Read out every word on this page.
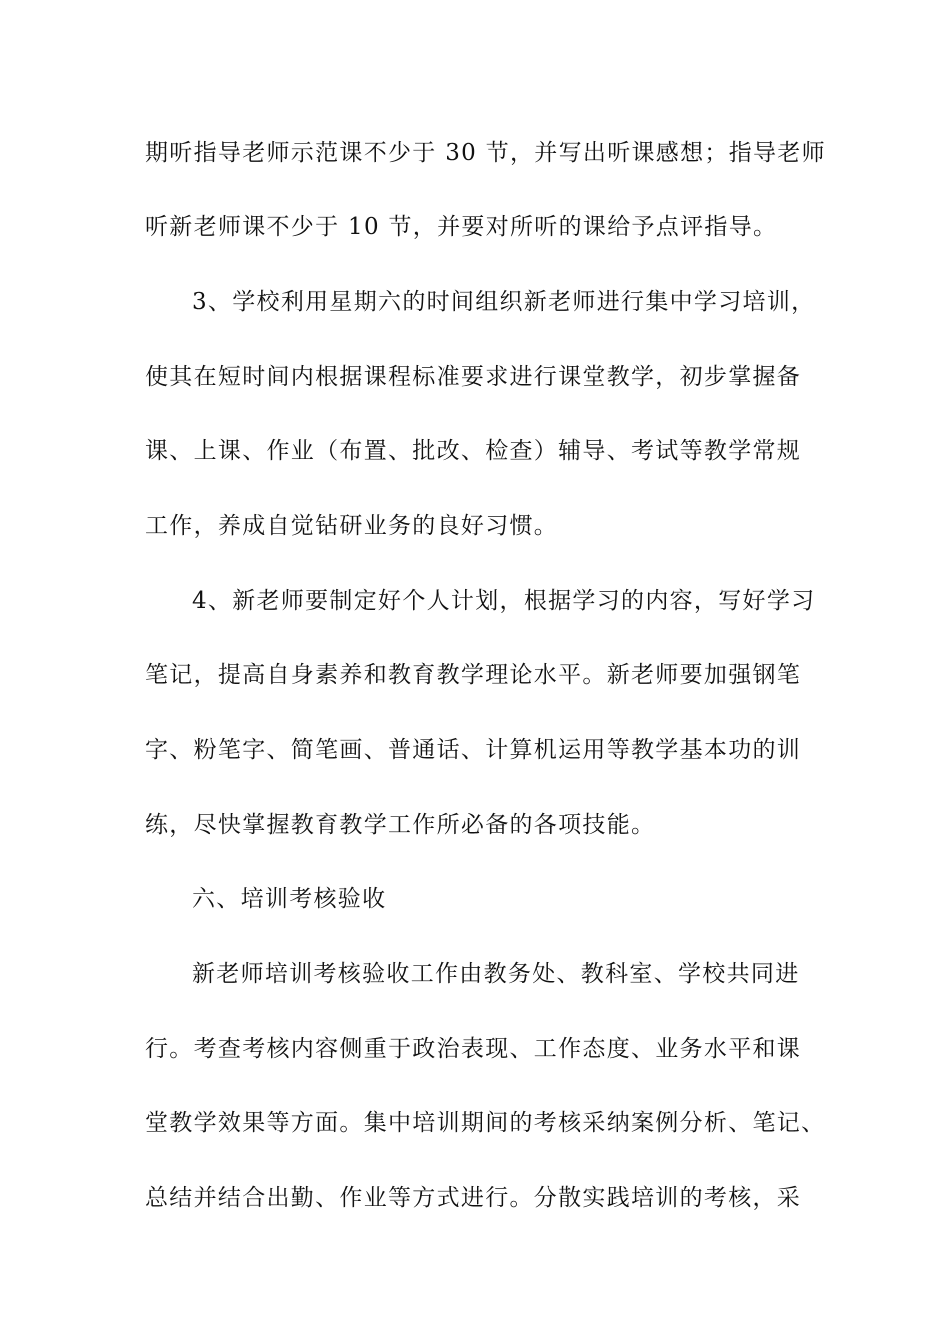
期听指导老师示范课不少于 30 节，并写出听课感想；指导老师

听新老师课不少于 10 节，并要对所听的课给予点评指导。

3、学校利用星期六的时间组织新老师进行集中学习培训，

使其在短时间内根据课程标准要求进行课堂教学，初步掌握备

课、上课、作业（布置、批改、检查）辅导、考试等教学常规

工作，养成自觉钻研业务的良好习惯。

4、新老师要制定好个人计划，根据学习的内容，写好学习

笔记，提高自身素养和教育教学理论水平。新老师要加强钢笔

字、粉笔字、简笔画、普通话、计算机运用等教学基本功的训

练，尽快掌握教育教学工作所必备的各项技能。

六、培训考核验收

新老师培训考核验收工作由教务处、教科室、学校共同进

行。考查考核内容侧重于政治表现、工作态度、业务水平和课

堂教学效果等方面。集中培训期间的考核采纳案例分析、笔记、

总结并结合出勤、作业等方式进行。分散实践培训的考核，采
